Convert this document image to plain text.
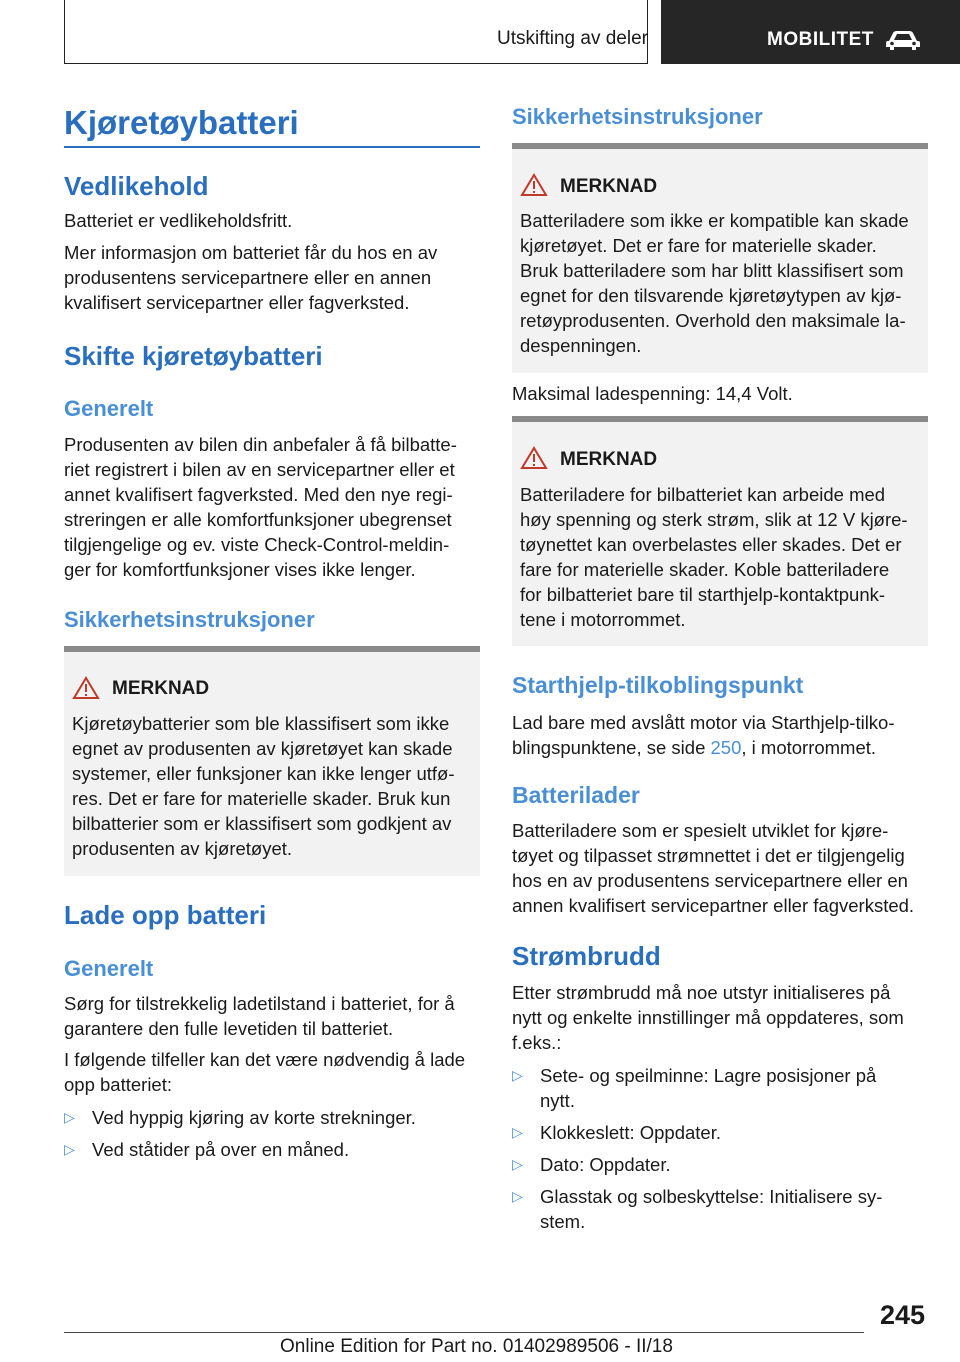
Utskifting av deler	MOBILITET
Kjøretøybatteri
Vedlikehold

Batteriet er vedlikeholdsfritt.

Mer informasjon om batteriet får du hos en av

produsentens servicepartnere eller en annen

kvalifisert servicepartner eller fagverksted.

Skifte kjøretøybatteri
Generelt

Produsenten av bilen din anbefaler å få bilbatte-

riet registrert i bilen av en servicepartner eller et

annet kvalifisert fagverksted. Med den nye regi-

streringen er alle komfortfunksjoner ubegrenset

tilgjengelige og ev. viste Check-Control-meldin-

ger for komfortfunksjoner vises ikke lenger.

Sikkerhetsinstruksjoner
MERKNAD
Kjøretøybatterier som ble klassifisert som ikke
egnet av produsenten av kjøretøyet kan skade
systemer, eller funksjoner kan ikke lenger utfø-
res. Det er fare for materielle skader. Bruk kun
bilbatterier som er klassifisert som godkjent av
produsenten av kjøretøyet.
Lade opp batteri
Generelt

Sørg for tilstrekkelig ladetilstand i batteriet, for å

garantere den fulle levetiden til batteriet.

I følgende tilfeller kan det være nødvendig å lade

opp batteriet:

▷ Ved hyppig kjøring av korte strekninger.
▷ Ved ståtider på over en måned.
Sikkerhetsinstruksjoner
MERKNAD
Batteriladere som ikke er kompatible kan skade
kjøretøyet. Det er fare for materielle skader.
Bruk batteriladere som har blitt klassifisert som
egnet for den tilsvarende kjøretøytypen av kjø-
retøyprodusenten. Overhold den maksimale la-
despenningen.

Maksimal ladespenning: 14,4 Volt.

MERKNAD
Batteriladere for bilbatteriet kan arbeide med
høy spenning og sterk strøm, slik at 12 V kjøre-
tøynettet kan overbelastes eller skades. Det er
fare for materielle skader. Koble batteriladere
for bilbatteriet bare til starthjelp-kontaktpunk-
tene i motorrommet.
Starthjelp-tilkoblingspunkt

Lad bare med avslått motor via Starthjelp-tilko-

blingspunktene, se side 250, i motorrommet.

Batterilader

Batteriladere som er spesielt utviklet for kjøre-

tøyet og tilpasset strømnettet i det er tilgjengelig

hos en av produsentens servicepartnere eller en

annen kvalifisert servicepartner eller fagverksted.

Strømbrudd

Etter strømbrudd må noe utstyr initialiseres på

nytt og enkelte innstillinger må oppdateres, som

f.eks.:

▷ Sete- og speilminne: Lagre posisjoner på
nytt.
▷ Klokkeslett: Oppdater.
▷ Dato: Oppdater.
▷ Glasstak og solbeskyttelse: Initialisere sy-
stem.
245
Online Edition for Part no. 01402989506 - II/18
